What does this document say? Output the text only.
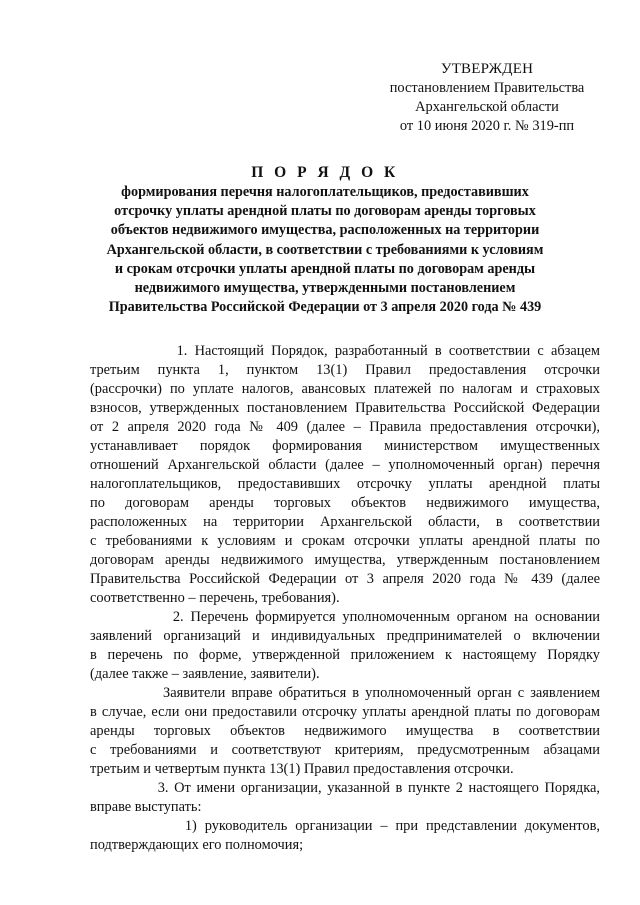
УТВЕРЖДЕН
постановлением Правительства
Архангельской области
от 10 июня 2020 г. № 319-пп
П О Р Я Д О К
формирования перечня налогоплательщиков, предоставивших
отсрочку уплаты арендной платы по договорам аренды торговых
объектов недвижимого имущества, расположенных на территории
Архангельской области, в соответствии с требованиями к условиям
и срокам отсрочки уплаты арендной платы по договорам аренды
недвижимого имущества, утвержденными постановлением
Правительства Российской Федерации от 3 апреля 2020 года № 439

1. Настоящий Порядок, разработанный в соответствии с абзацем
третьим пункта 1, пунктом 13(1) Правил предоставления отсрочки
(рассрочки) по уплате налогов, авансовых платежей по налогам и страховых
взносов, утвержденных постановлением Правительства Российской Федерации
от 2 апреля 2020 года № 409 (далее – Правила предоставления отсрочки),
устанавливает порядок формирования министерством имущественных
отношений Архангельской области (далее – уполномоченный орган) перечня
налогоплательщиков, предоставивших отсрочку уплаты арендной платы
по договорам аренды торговых объектов недвижимого имущества,
расположенных на территории Архангельской области, в соответствии
с требованиями к условиям и срокам отсрочки уплаты арендной платы по
договорам аренды недвижимого имущества, утвержденным постановлением
Правительства Российской Федерации от 3 апреля 2020 года № 439 (далее
соответственно – перечень, требования).

2. Перечень формируется уполномоченным органом на основании
заявлений организаций и индивидуальных предпринимателей о включении
в перечень по форме, утвержденной приложением к настоящему Порядку
(далее также – заявление, заявители).

Заявители вправе обратиться в уполномоченный орган с заявлением
в случае, если они предоставили отсрочку уплаты арендной платы по договорам
аренды торговых объектов недвижимого имущества в соответствии
с требованиями и соответствуют критериям, предусмотренным абзацами
третьим и четвертым пункта 13(1) Правил предоставления отсрочки.

3. От имени организации, указанной в пункте 2 настоящего Порядка,
вправе выступать:

1) руководитель организации – при представлении документов,
подтверждающих его полномочия;
